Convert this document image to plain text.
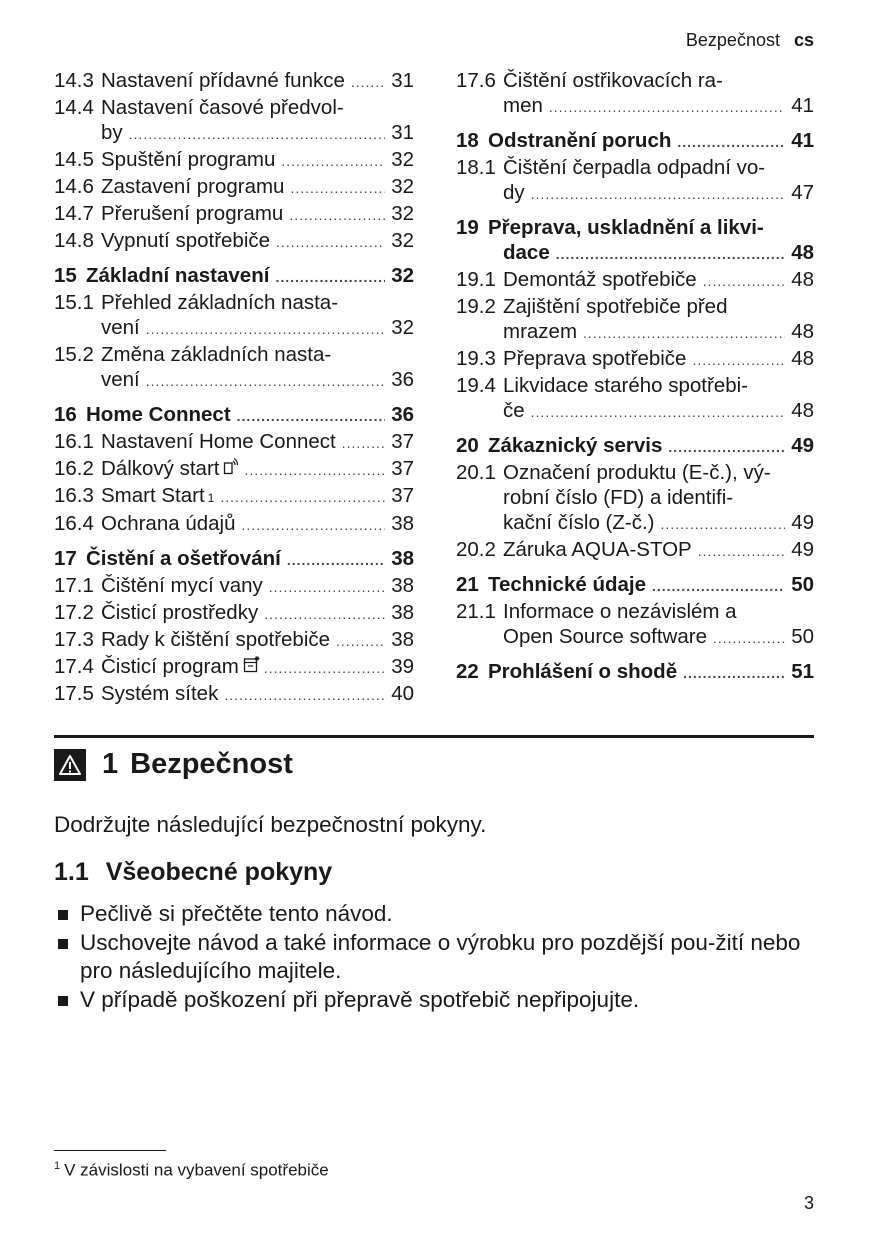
Bezpečnost cs
14.3 Nastavení přídavné funkce ..... 31
14.4 Nastavení časové předvol-
by .....	31
14.5 Spuštění programu .....	32
14.6 Zastavení programu .....	32
14.7 Přerušení programu .....	32
14.8 Vypnutí spotřebiče .....	32
15 Základní nastavení .....	32
15.1 Přehled základních nasta-
vení .....	32
15.2 Změna základních nasta-
vení .....	36
16 Home Connect .....	36
16.1 Nastavení Home Connect .....	37
16.2 Dálkový start .....	37
16.3 Smart Start 1 .....	37
16.4 Ochrana údajů .....	38
17 Čistění a ošetřování .....	38
17.1 Čištění mycí vany .....	38
17.2 Čisticí prostředky .....	38
17.3 Rady k čištění spotřebiče .....	38
17.4 Čisticí program .....	39
17.5 Systém sítek .....	40
17.6 Čištění ostřikovacích ra-
men .....	41
18 Odstranění poruch .....	41
18.1 Čištění čerpadla odpadní vo-
dy .....	47
19 Přeprava, uskladnění a likvi-
dace .....	48
19.1 Demontáž spotřebiče .....	48
19.2 Zajištění spotřebiče před
mrazem .....	48
19.3 Přeprava spotřebiče .....	48
19.4 Likvidace starého spotřebi-
če .....	48
20 Zákaznický servis .....	49
20.1 Označení produktu (E-č.), vý-
robní číslo (FD) a identifi-
kační číslo (Z-č.) .....	49
20.2 Záruka AQUA-STOP .....	49
21 Technické údaje .....	50
21.1 Informace o nezávislém a
Open Source software .....	50
22 Prohlášení o shodě .....	51
1 Bezpečnost
Dodržujte následující bezpečnostní pokyny.
1.1 Všeobecné pokyny
Pečlivě si přečtěte tento návod.
Uschovejte návod a také informace o výrobku pro pozdější pou-žití nebo pro následujícího majitele.
V případě poškození při přepravě spotřebič nepřipojujte.
$^1$ V závislosti na vybavení spotřebiče
3
